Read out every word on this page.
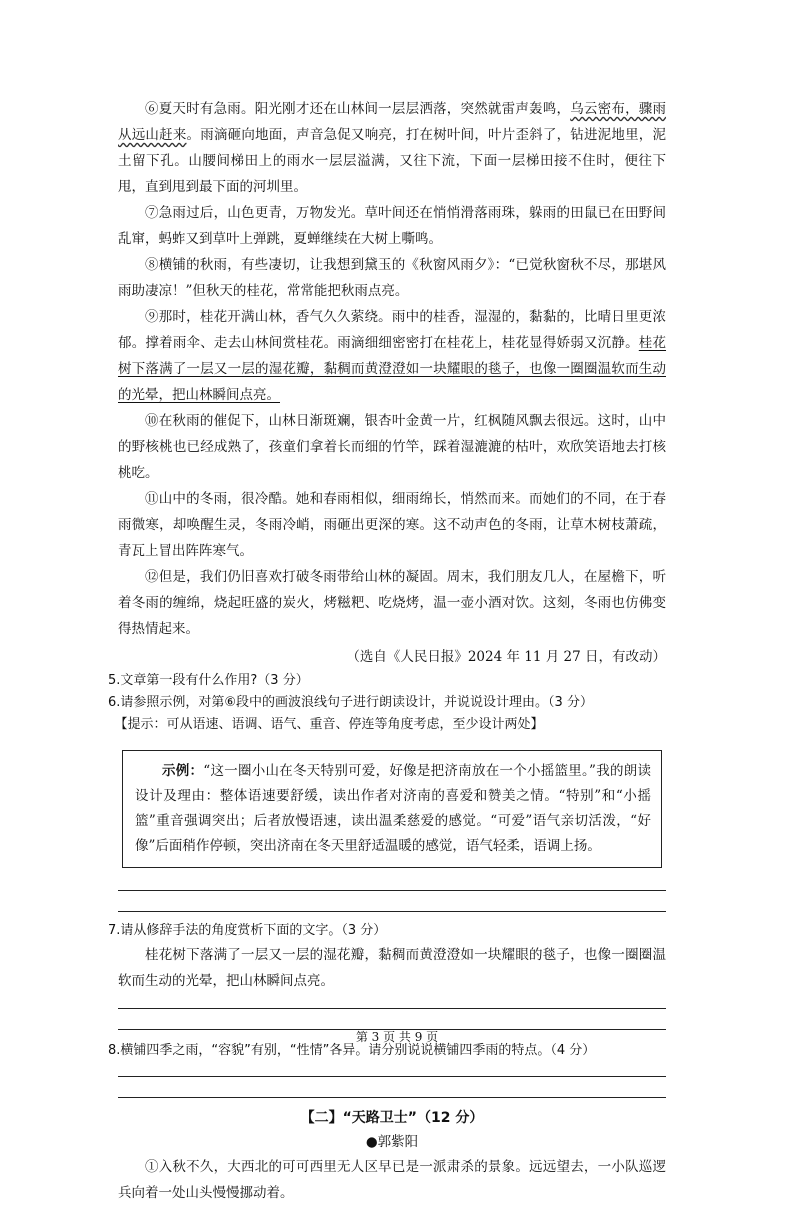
⑥夏天时有急雨。阳光刚才还在山林间一层层洒落，突然就雷声轰鸣，乌云密布，骤雨从远山赶来。雨滴砸向地面，声音急促又响亮，打在树叶间，叶片歪斜了，钻进泥地里，泥土留下孔。山腰间梯田上的雨水一层层溢满，又往下流，下面一层梯田接不住时，便往下甩，直到甩到最下面的河圳里。

⑦急雨过后，山色更青，万物发光。草叶间还在悄悄滑落雨珠，躲雨的田鼠已在田野间乱窜，蚂蚱又到草叶上弹跳，夏蝉继续在大树上嘶鸣。

⑧横铺的秋雨，有些凄切，让我想到黛玉的《秋窗风雨夕》：“已觉秋窗秋不尽，那堪风雨助凄凉！”但秋天的桂花，常常能把秋雨点亮。

⑨那时，桂花开满山林，香气久久萦绕。雨中的桂香，湿湿的，黏黏的，比晴日里更浓郁。撑着雨伞、走去山林间赏桂花。雨滴细细密密打在桂花上，桂花显得娇弱又沉静。桂花树下落满了一层又一层的湿花瓣，黏稠而黄澄澄如一块耀眼的毯子，也像一圈圈温软而生动的光晕，把山林瞬间点亮。

⑩在秋雨的催促下，山林日渐斑斓，银杏叶金黄一片，红枫随风飘去很远。这时，山中的野核桃也已经成熟了，孩童们拿着长而细的竹竿，踩着湿漉漉的枯叶，欢欣笑语地去打核桃吃。

⑪山中的冬雨，很冷酷。她和春雨相似，细雨绵长，悄然而来。而她们的不同，在于春雨微寒，却唤醒生灵，冬雨冷峭，雨砸出更深的寒。这不动声色的冬雨，让草木树枝萧疏，青瓦上冒出阵阵寒气。

⑫但是，我们仍旧喜欢打破冬雨带给山林的凝固。周末，我们朋友几人，在屋檐下，听着冬雨的缠绵，烧起旺盛的炭火，烤糍粑、吃烧烤，温一壶小酒对饮。这刻，冬雨也仿佛变得热情起来。

（选自《人民日报》2024 年 11 月 27 日，有改动）

5.文章第一段有什么作用?（3 分）

6.请参照示例，对第⑥段中的画波浪线句子进行朗读设计，并说说设计理由。（3 分）

【提示：可从语速、语调、语气、重音、停连等角度考虑，至少设计两处】

示例：“这一圈小山在冬天特别可爱，好像是把济南放在一个小摇篮里。”我的朗读设计及理由：整体语速要舒缓，读出作者对济南的喜爱和赞美之情。“特别”和“小摇篮”重音强调突出；后者放慢语速，读出温柔慈爱的感觉。“可爱”语气亲切活泼，“好像”后面稍作停顿，突出济南在冬天里舒适温暖的感觉，语气轻柔，语调上扬。

7.请从修辞手法的角度赏析下面的文字。（3 分）

桂花树下落满了一层又一层的湿花瓣，黏稠而黄澄澄如一块耀眼的毯子，也像一圈圈温软而生动的光晕，把山林瞬间点亮。

8.横铺四季之雨，“容貌”有别，“性情”各异。请分别说说横铺四季雨的特点。（4 分）

【二】“天路卫士”（12 分）

●郭紫阳

①入秋不久，大西北的可可西里无人区早已是一派肃杀的景象。远远望去，一小队巡逻兵向着一处山头慢慢挪动着。

第 3 页 共 9 页
